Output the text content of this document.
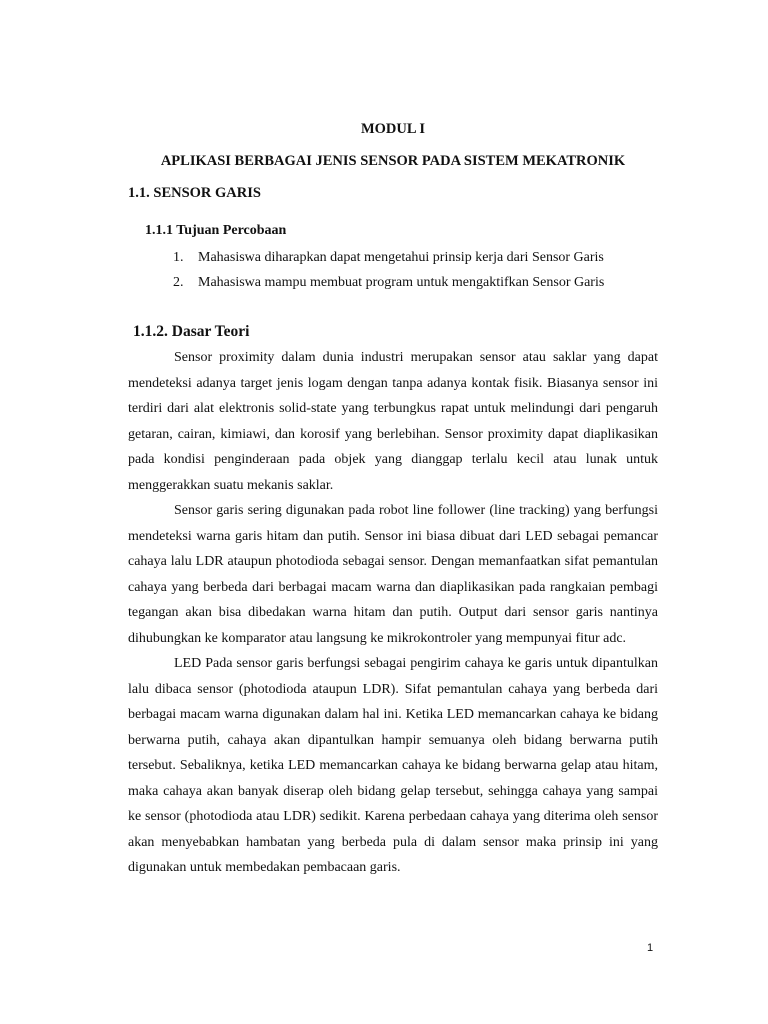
MODUL I
APLIKASI BERBAGAI JENIS SENSOR PADA SISTEM MEKATRONIK
1.1. SENSOR GARIS
1.1.1 Tujuan Percobaan
1. Mahasiswa diharapkan dapat mengetahui prinsip kerja dari Sensor Garis
2. Mahasiswa mampu membuat program untuk mengaktifkan Sensor Garis
1.1.2. Dasar Teori

Sensor proximity dalam dunia industri merupakan sensor atau saklar yang dapat mendeteksi adanya target jenis logam dengan tanpa adanya kontak fisik. Biasanya sensor ini terdiri dari alat elektronis solid-state yang terbungkus rapat untuk melindungi dari pengaruh getaran, cairan, kimiawi, dan korosif yang berlebihan. Sensor proximity dapat diaplikasikan pada kondisi penginderaan pada objek yang dianggap terlalu kecil atau lunak untuk menggerakkan suatu mekanis saklar.

Sensor garis sering digunakan pada robot line follower (line tracking) yang berfungsi mendeteksi warna garis hitam dan putih. Sensor ini biasa dibuat dari LED sebagai pemancar cahaya lalu LDR ataupun photodioda sebagai sensor. Dengan memanfaatkan sifat pemantulan cahaya yang berbeda dari berbagai macam warna dan diaplikasikan pada rangkaian pembagi tegangan akan bisa dibedakan warna hitam dan putih. Output dari sensor garis nantinya dihubungkan ke komparator atau langsung ke mikrokontroler yang mempunyai fitur adc.

LED Pada sensor garis berfungsi sebagai pengirim cahaya ke garis untuk dipantulkan lalu dibaca sensor (photodioda ataupun LDR). Sifat pemantulan cahaya yang berbeda dari berbagai macam warna digunakan dalam hal ini. Ketika LED memancarkan cahaya ke bidang berwarna putih, cahaya akan dipantulkan hampir semuanya oleh bidang berwarna putih tersebut. Sebaliknya, ketika LED memancarkan cahaya ke bidang berwarna gelap atau hitam, maka cahaya akan banyak diserap oleh bidang gelap tersebut, sehingga cahaya yang sampai ke sensor (photodioda atau LDR) sedikit. Karena perbedaan cahaya yang diterima oleh sensor akan menyebabkan hambatan yang berbeda pula di dalam sensor maka prinsip ini yang digunakan untuk membedakan pembacaan garis.

1
